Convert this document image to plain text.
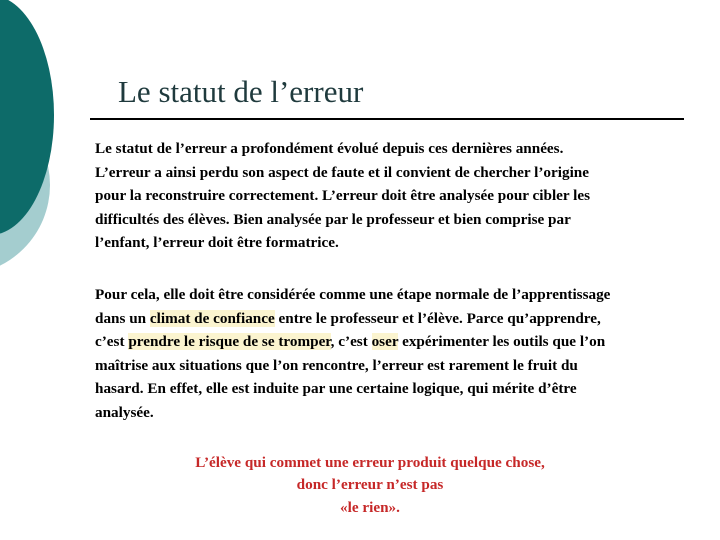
Le statut de l’erreur
Le statut de l’erreur a profondément évolué depuis ces dernières années.
L’erreur a ainsi perdu son aspect de faute et il convient de chercher l’origine
pour la reconstruire correctement. L’erreur doit être analysée pour cibler les
difficultés des élèves. Bien analysée par le professeur et bien comprise par
l’enfant, l’erreur doit être formatrice.
Pour cela, elle doit être considérée comme une étape normale de l’apprentissage
dans un climat de confiance entre le professeur et l’élève. Parce qu’apprendre,
c’est prendre le risque de se tromper, c’est oser expérimenter les outils que l’on
maîtrise aux situations que l’on rencontre, l’erreur est rarement le fruit du
hasard. En effet, elle est induite par une certaine logique, qui mérite d’être
analysée.
L’élève qui commet une erreur produit quelque chose,
donc l’erreur n’est pas
«le rien».
